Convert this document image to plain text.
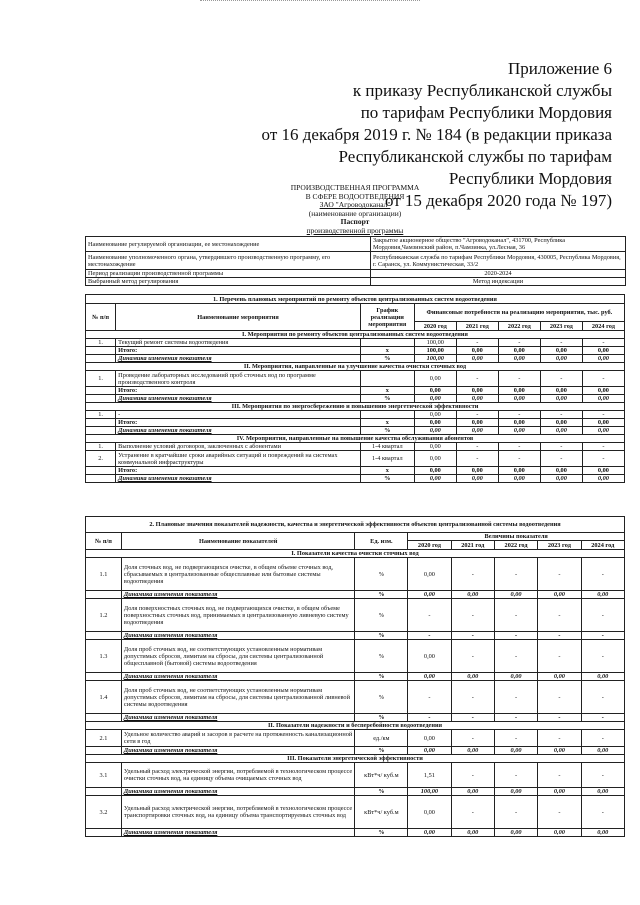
Приложение 6
к приказу Республиканской службы
по тарифам Республики Мордовия
от 16 декабря 2019 г. № 184 (в редакции приказа
Республиканской службы по тарифам
Республики Мордовия
от 15 декабря 2020 года № 197)
ПРОИЗВОДСТВЕННАЯ ПРОГРАММА
В СФЕРЕ ВОДООТВЕДЕНИЯ
ЗАО "Агроводоканал"
(наименование организации)
Паспорт
производственной программы
Наименование регулируемой организации, ее местонахождение	Закрытое акционерное общество "Агроводоканал", 431700, Республика Мордовия,Чамзинский район, п.Чамзинка, ул.Лесная, 36
Наименование уполномоченного органа, утвердившего производственную программу, его местонахождение	Республиканская служба по тарифам Республики Мордовия, 430005, Республика Мордовия, г. Саранск, ул. Коммунистическая, 33/2
Период реализации производственной программы	2020-2024
Выбранный метод регулирования	Метод индексации
1. Перечень плановых мероприятий по ремонту объектов централизованных систем водоотведения							
№ п/п	Наименование мероприятия	График реализации мероприятия	Финансовые потребности на реализацию мероприятия, тыс. руб.				
			2020 год	2021 год	2022 год	2023 год	2024 год
I. Мероприятия по ремонту объектов централизованных систем водоотведения							
1.	Текущий ремонт системы водоотведения		100,00	-	-	-	-
	Итого:	x	100,00	0,00	0,00	0,00	0,00
	Динамика изменения показателя	%	100,00	0,00	0,00	0,00	0,00
II. Мероприятия, направленные на улучшение качества очистки сточных вод							
1.	Проведение лабораторных исследований проб сточных вод по программе производственного контроля		0,00	-	-	-	-
	Итого:	x	0,00	0,00	0,00	0,00	0,00
	Динамика изменения показателя	%	0,00	0,00	0,00	0,00	0,00
III. Мероприятия по энергосбережению и повышению энергетической эффективности							
1.	-		0,00	-	-	-	-
	Итого:	x	0,00	0,00	0,00	0,00	0,00
	Динамика изменения показателя	%	0,00	0,00	0,00	0,00	0,00
IV. Мероприятия, направленные на повышение качества обслуживания абонентов							
1.	Выполнение условий договоров, заключенных с абонентами	1-4 квартал	0,00	-	-	-	-
2.	Устранение в кратчайшие сроки аварийных ситуаций и повреждений на системах коммунальной инфраструктуры	1-4 квартал	0,00	-	-	-	-
	Итого:	x	0,00	0,00	0,00	0,00	0,00
	Динамика изменения показателя	%	0,00	0,00	0,00	0,00	0,00
2. Плановые значения показателей надежности, качества и энергетической эффективности объектов централизованной системы водоотведения							
№ п/п	Наименование показателей	Ед. изм.	Величины показателя				
			2020 год	2021 год	2022 год	2023 год	2024 год
I. Показатели качества очистки сточных вод							
1.1	Доля сточных вод, не подвергающихся очистке, в общем объеме сточных вод, сбрасываемых в централизованные общесплавные или бытовые системы водоотведения	%	0,00	-	-	-	-
	Динамика изменения показателя	%	0,00	0,00	0,00	0,00	0,00
1.2	Доля поверхностных сточных вод, не подвергающихся очистке, в общем объеме поверхностных сточных вод, принимаемых в централизованную ливневую систему водоотведения	%	-	-	-	-	-
	Динамика изменения показателя	%	-	-	-	-	-
1.3	Доля проб сточных вод, не соответствующих установленным нормативам допустимых сбросов, лимитам на сбросы, для системы централизованной общесплавной (бытовой) системы водоотведения	%	0,00	-	-	-	-
	Динамика изменения показателя	%	0,00	0,00	0,00	0,00	0,00
1.4	Доля проб сточных вод, не соответствующих установленным нормативам допустимых сбросов, лимитам на сбросы, для системы централизованной ливневой системы водоотведения	%	-	-	-	-	-
	Динамика изменения показателя	%	-	-	-	-	-
II. Показатели надежности и бесперебойности водоотведения							
2.1	Удельное количество аварий и засоров в расчете на протяженность канализационной сети в год	ед./км	0,00	-	-	-	-
	Динамика изменения показателя	%	0,00	0,00	0,00	0,00	0,00
III. Показатели энергетической эффективности							
3.1	Удельный расход электрической энергии, потребляемой в технологическом процессе очистки сточных вод, на единицу объема очищаемых сточных вод	кВт*ч/ куб.м	1,51	-	-	-	-
	Динамика изменения показателя	%	100,00	0,00	0,00	0,00	0,00
3.2	Удельный расход электрической энергии, потребляемой в технологическом процессе транспортировки сточных вод, на единицу объема транспортируемых сточных вод	кВт*ч/ куб.м	0,00	-	-	-	-
	Динамика изменения показателя	%	0,00	0,00	0,00	0,00	0,00
